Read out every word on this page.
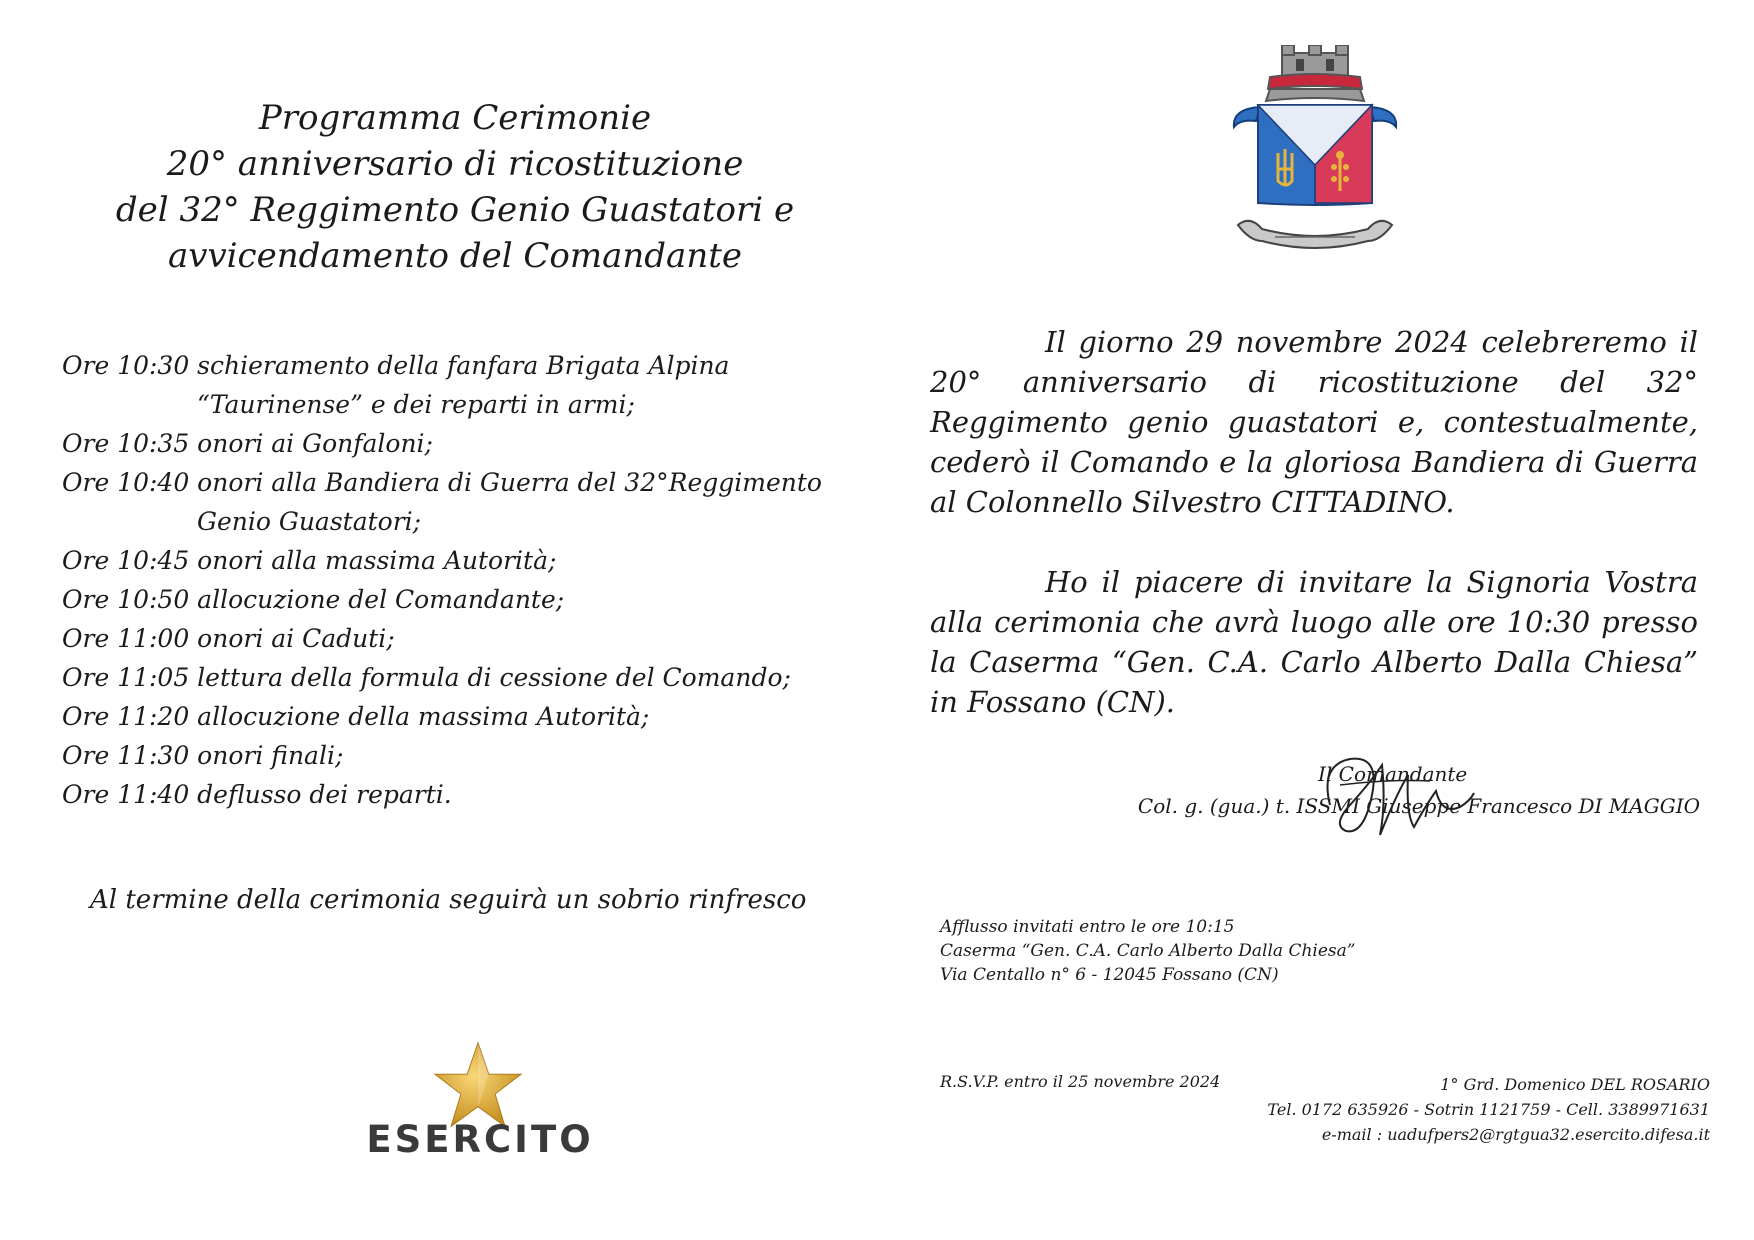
Programma Cerimonie
20° anniversario di ricostituzione
del 32° Reggimento Genio Guastatori e
avvicendamento del Comandante
Ore 10:30 schieramento della fanfara Brigata Alpina
“Taurinense” e dei reparti in armi;
Ore 10:35 onori ai Gonfaloni;
Ore 10:40 onori alla Bandiera di Guerra del 32°Reggimento
Genio Guastatori;
Ore 10:45 onori alla massima Autorità;
Ore 10:50 allocuzione del Comandante;
Ore 11:00 onori ai Caduti;
Ore 11:05 lettura della formula di cessione del Comando;
Ore 11:20 allocuzione della massima Autorità;
Ore 11:30 onori finali;
Ore 11:40 deflusso dei reparti.
Al termine della cerimonia seguirà un sobrio rinfresco
ESERCITO

Il giorno 29 novembre 2024 celebreremo il 20° anniversario di ricostituzione del 32° Reggimento genio guastatori e, contestualmente, cederò il Comando e la gloriosa Bandiera di Guerra al Colonnello Silvestro CITTADINO.

Ho il piacere di invitare la Signoria Vostra alla cerimonia che avrà luogo alle ore 10:30 presso la Caserma “Gen. C.A. Carlo Alberto Dalla Chiesa” in Fossano (CN).

Il Comandante
Col. g. (gua.) t. ISSMI Giuseppe Francesco DI MAGGIO
Afflusso invitati entro le ore 10:15
Caserma “Gen. C.A. Carlo Alberto Dalla Chiesa”
Via Centallo n° 6 - 12045 Fossano (CN)
R.S.V.P. entro il 25 novembre 2024	1° Grd. Domenico DEL ROSARIO
Tel. 0172 635926 - Sotrin 1121759 - Cell. 3389971631
e-mail : uadufpers2@rgtgua32.esercito.difesa.it
